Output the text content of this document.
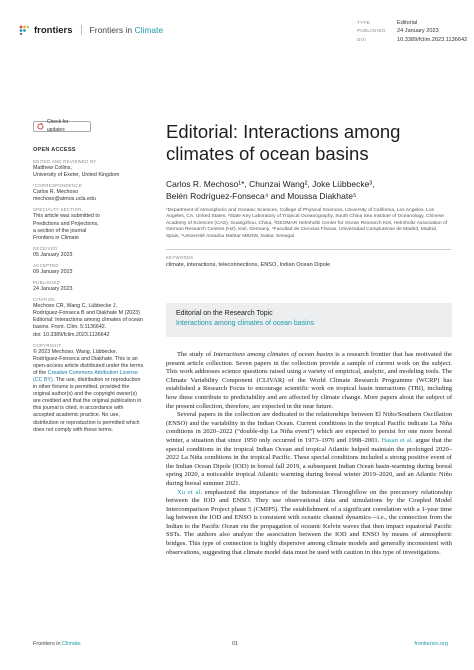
frontiers Frontiers in Climate
TYPE	Editorial
PUBLISHED 24 January 2023
DOI	10.3389/fclim.2023.1136642
Check for updates
OPEN ACCESS
EDITED AND REVIEWED BY
Matthew Collins,
University of Exeter, United Kingdom
*CORRESPONDENCE
Carlos R. Mechoso
mechoso@atmos.ucla.edu
SPECIALTY SECTION
This article was submitted to
Predictions and Projections,
a section of the journal
Frontiers in Climate
RECEIVED
05 January 2023
ACCEPTED
09 January 2023
PUBLISHED
24 January 2023
CITATION
Mechoso CR, Wang C, Lübbecke J,
Rodríguez-Fonseca B and Diakhate M (2023)
Editorial: Interactions among climates of ocean
basins. Front. Clim. 5:1136642.
doi: 10.3389/fclim.2023.1136642
COPYRIGHT
© 2023 Mechoso, Wang, Lübbecke,
Rodríguez-Fonseca and Diakhate. This is an
open-access article distributed under the terms
of the Creative Commons Attribution License
(CC BY). The use, distribution or reproduction
in other forums is permitted, provided the
original author(s) and the copyright owner(s)
are credited and that the original publication in
this journal is cited, in accordance with
accepted academic practice. No use,
distribution or reproduction is permitted which
does not comply with these terms.
Editorial: Interactions among
climates of ocean basins
Carlos R. Mechoso¹*, Chunzai Wang², Joke Lübbecke³,
Belén Rodríguez-Fonseca⁴ and Moussa Diakhate⁵
¹Department of Atmospheric and Oceanic Sciences, College of Physical Sciences, University of California, Los Angeles, Los Angeles, CA, United States, ²State Key Laboratory of Tropical Oceanography, South China Sea Institute of Oceanology, Chinese Academy of Sciences (CAS), Guangzhou, China, ³GEOMAR Helmholtz Center for Ocean Research Kiel, Helmholtz Association of German Research Centres (HZ), Kiel, Germany, ⁴Facultad de Ciencias Físicas, Universidad Complutense de Madrid, Madrid, Spain, ⁵Université Amadou Mahtar MBOW, Dakar, Senegal
KEYWORDS
climate, interactions, teleconnections, ENSO, Indian Ocean Dipole
Editorial on the Research Topic
Interactions among climates of ocean basins

The study of Interactions among climates of ocean basins is a research frontier that has motivated the present article collection. Seven papers in the collection provide a sample of current work on the subject. This work addresses science questions raised using a variety of empirical, analytic, and modeling tools. The Climate Variability Component (CLIVAR) of the World Climate Research Programme (WCRP) has established a Research Focus to encourage scientific work on tropical basin interactions (TBI), including how these contribute to predictability and are affected by climate change. More papers about the subject of the present collection, therefore, are expected in the near future.

Several papers in the collection are dedicated to the relationships between El Niño/Southern Oscillation (ENSO) and the variability in the Indian Ocean. Current conditions in the tropical Pacific indicate La Niña conditions in 2020–2022 (“double-dip La Niña event”) which are expected to persist for one more boreal winter, a situation that since 1950 only occurred in 1973–1976 and 1998–2001. Hasan et al. argue that the special conditions in the tropical Indian Ocean and tropical Atlantic helped maintain the prolonged 2020–2022 La Niña conditions in the tropical Pacific. These special conditions included a strong positive event of the Indian Ocean Dipole (IOD) in boreal fall 2019, a subsequent Indian Ocean basin-warming during boreal spring 2020, a noticeable tropical Atlantic warming during boreal winter 2019–2020, and an Atlantic Niño during boreal summer 2021.

Xu et al. emphasized the importance of the Indonesian Throughflow on the precursory relationship between the IOD and ENSO. They use observational data and simulations by the Coupled Model Intercomparison Project phase 5 (CMIP5). The establishment of a significant correlation with a 1-year time lag between the IOD and ENSO is consistent with oceanic channel dynamics—i.e., the connection from the Indian to the Pacific Ocean via the propagation of oceanic Kelvin waves that then impact equatorial Pacific SSTs. The authors also analyze the association between the IOD and ENSO by means of atmospheric bridges. This type of connection is highly dispersive among climate models and generally inconsistent with observations, suggesting that climate model data must be used with caution in this type of investigations.

Frontiers in Climate	01	frontiersin.org
